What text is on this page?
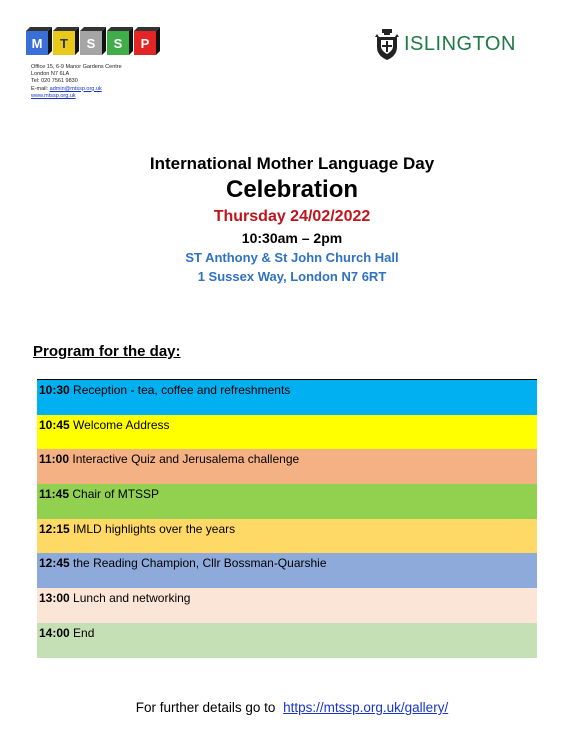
M T S S P
Office 15, 6-9 Manor Gardens Centre
London N7 6LA
Tel: 020 7561 9830
E-mail: admin@mtssp.org.uk
www.mtssp.org.uk
ISLINGTON
International Mother Language Day
Celebration
Thursday 24/02/2022
10:30am – 2pm
ST Anthony & St John Church Hall
1 Sussex Way, London N7 6RT
Program for the day:
10:30 Reception - tea, coffee and refreshments
10:45 Welcome Address
11:00 Interactive Quiz and Jerusalema challenge
11:45 Chair of MTSSP
12:15 IMLD highlights over the years
12:45 the Reading Champion, Cllr Bossman-Quarshie
13:00 Lunch and networking
14:00 End
For further details go to https://mtssp.org.uk/gallery/
